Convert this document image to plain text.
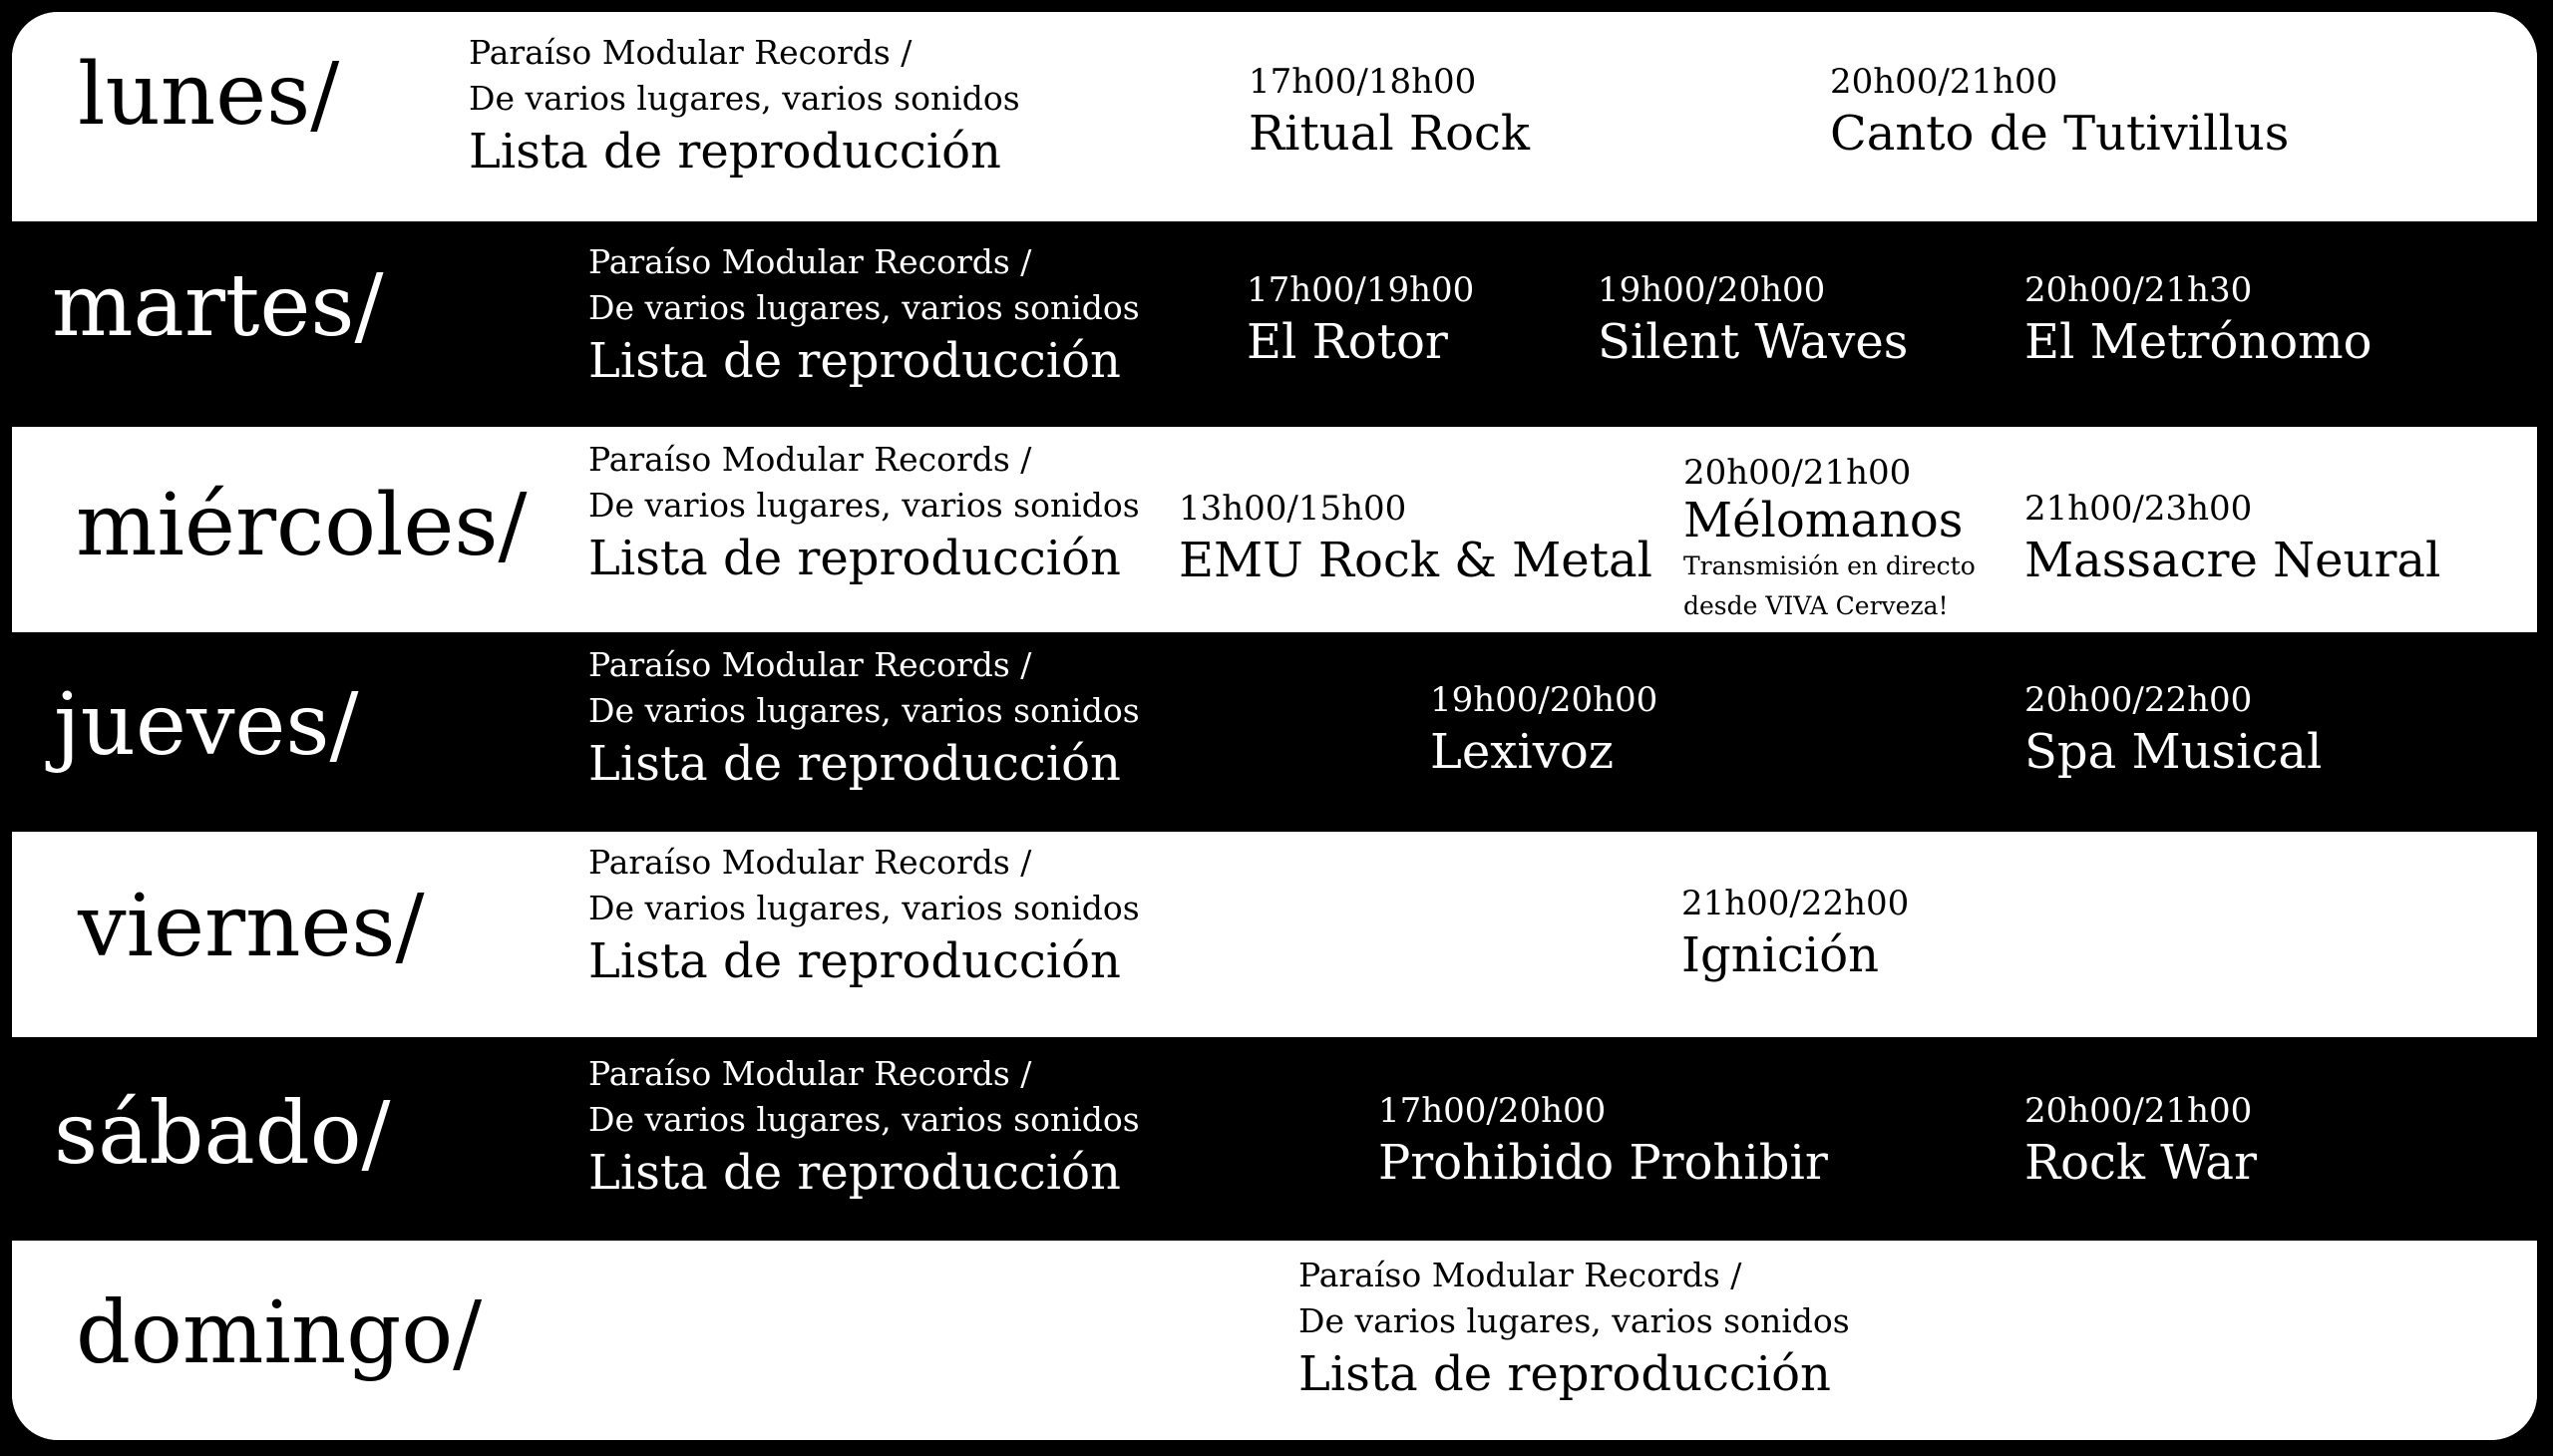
lunes/	Paraíso Modular Records /
De varios lugares, varios sonidos
Lista de reproducción
17h00/18h00
Ritual Rock
20h00/21h00
Canto de Tutivillus
martes/	Paraíso Modular Records /
De varios lugares, varios sonidos
Lista de reproducción
17h00/19h00
El Rotor
19h00/20h00
Silent Waves
20h00/21h30
El Metrónomo
miércoles/
Paraíso Modular Records /
De varios lugares, varios sonidos
Lista de reproducción
13h00/15h00
EMU Rock & Metal
20h00/21h00
Mélomanos
Transmisión en directo
desde VIVA Cerveza!
21h00/23h00
Massacre Neural
jueves/
Paraíso Modular Records /
De varios lugares, varios sonidos
Lista de reproducción
19h00/20h00
Lexivoz
20h00/22h00
Spa Musical
viernes/
Paraíso Modular Records /
De varios lugares, varios sonidos
Lista de reproducción
21h00/22h00
Ignición
sábado/
Paraíso Modular Records /
De varios lugares, varios sonidos
Lista de reproducción
17h00/20h00
Prohibido Prohibir
20h00/21h00
Rock War
domingo/
Paraíso Modular Records /
De varios lugares, varios sonidos
Lista de reproducción
